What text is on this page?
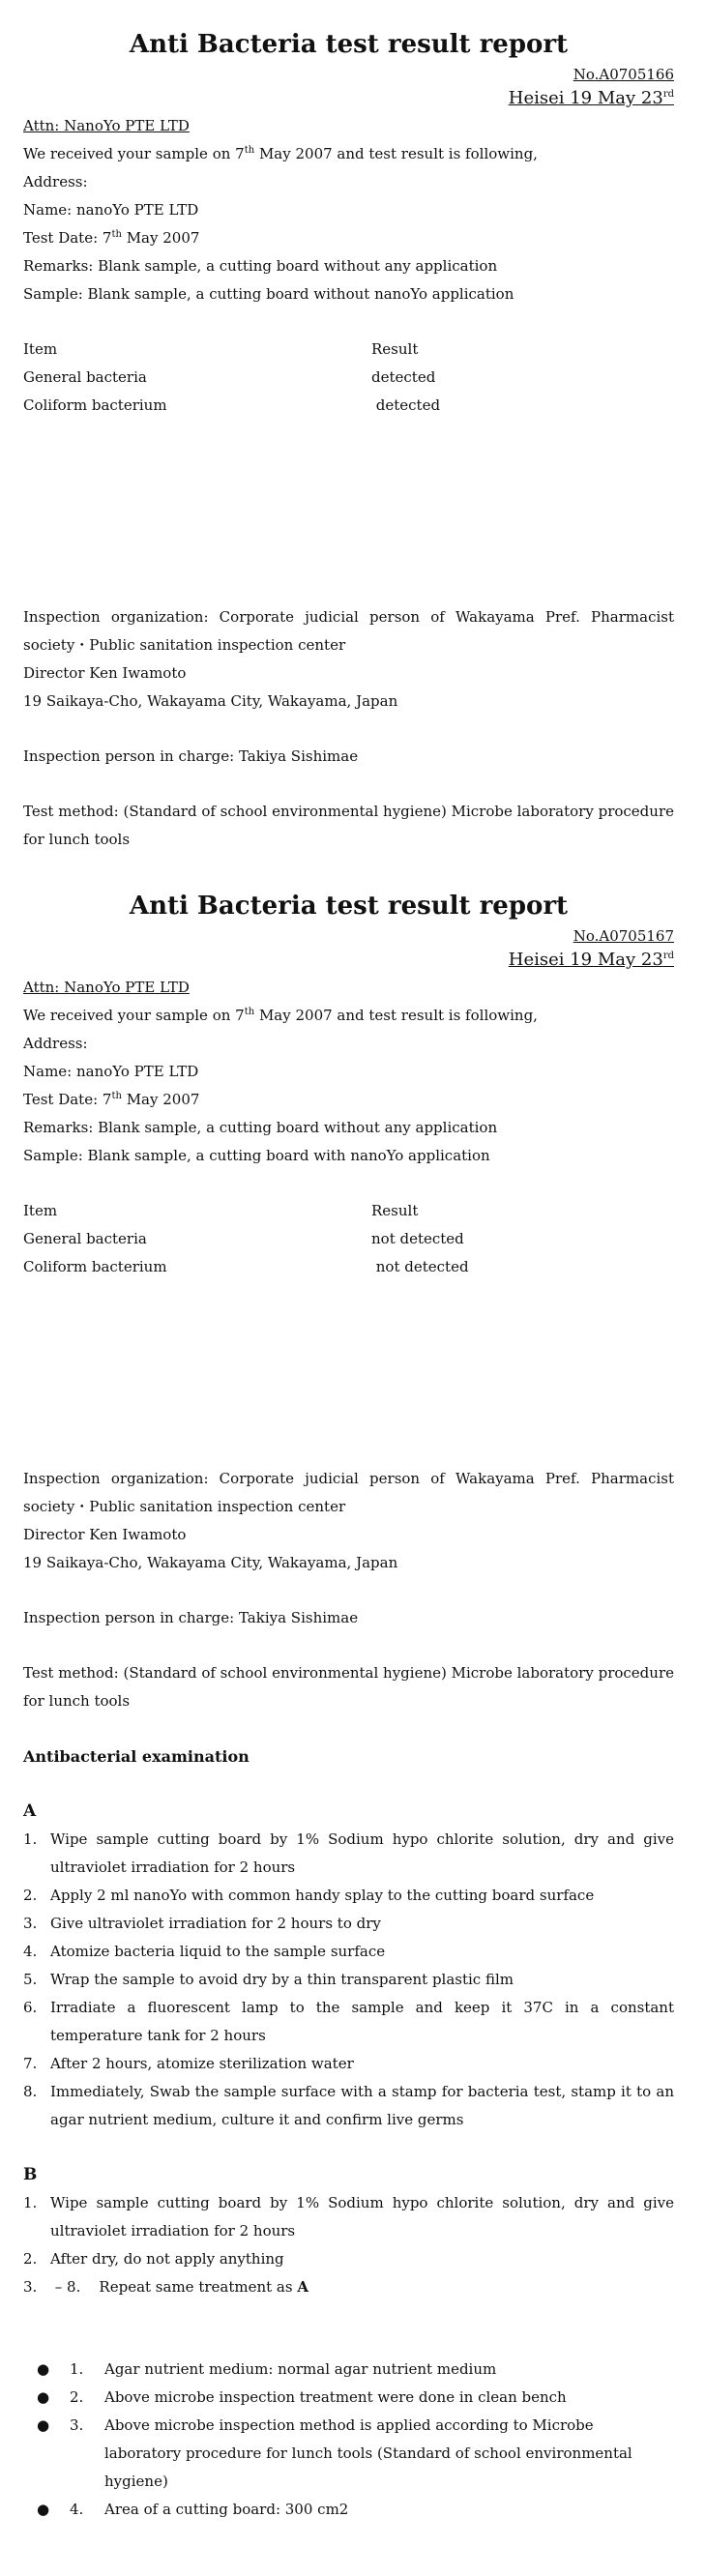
Anti Bacteria test result report

No.A0705166

Heisei 19 May 23rd

Attn: NanoYo PTE LTD

We received your sample on 7th May 2007 and test result is following,

Address:

Name: nanoYo PTE LTD

Test Date: 7th May 2007

Remarks: Blank sample, a cutting board without any application

Sample: Blank sample, a cutting board without nanoYo application

Item	Result
General bacteria	detected
Coliform bacterium	detected

Inspection organization: Corporate judicial person of Wakayama Pref. Pharmacist society・Public sanitation inspection center

Director Ken Iwamoto

19 Saikaya-Cho, Wakayama City, Wakayama, Japan

Inspection person in charge: Takiya Sishimae

Test method: (Standard of school environmental hygiene) Microbe laboratory procedure for lunch tools

Anti Bacteria test result report

No.A0705167

Heisei 19 May 23rd

Attn: NanoYo PTE LTD

We received your sample on 7th May 2007 and test result is following,

Address:

Name: nanoYo PTE LTD

Test Date: 7th May 2007

Remarks: Blank sample, a cutting board without any application

Sample: Blank sample, a cutting board with nanoYo application

Item	Result
General bacteria	not detected
Coliform bacterium	not detected

Inspection organization: Corporate judicial person of Wakayama Pref. Pharmacist society・Public sanitation inspection center

Director Ken Iwamoto

19 Saikaya-Cho, Wakayama City, Wakayama, Japan

Inspection person in charge: Takiya Sishimae

Test method: (Standard of school environmental hygiene) Microbe laboratory procedure for lunch tools

Antibacterial examination

A

1. Wipe sample cutting board by 1% Sodium hypo chlorite solution, dry and give ultraviolet irradiation for 2 hours
2. Apply 2 ml nanoYo with common handy splay to the cutting board surface
3. Give ultraviolet irradiation for 2 hours to dry
4. Atomize bacteria liquid to the sample surface
5. Wrap the sample to avoid dry by a thin transparent plastic film
6. Irradiate a fluorescent lamp to the sample and keep it 37C in a constant temperature tank for 2 hours
7. After 2 hours, atomize sterilization water
8. Immediately, Swab the sample surface with a stamp for bacteria test, stamp it to an agar nutrient medium, culture it and confirm live germs

B

1. Wipe sample cutting board by 1% Sodium hypo chlorite solution, dry and give ultraviolet irradiation for 2 hours
2. After dry, do not apply anything
3. – 8.    Repeat same treatment as A
●	1.	Agar nutrient medium: normal agar nutrient medium
●	2.	Above microbe inspection treatment were done in clean bench
●	3.	Above microbe inspection method is applied according to Microbe laboratory procedure for lunch tools (Standard of school environmental hygiene)
●	4.	Area of a cutting board: 300 cm2
